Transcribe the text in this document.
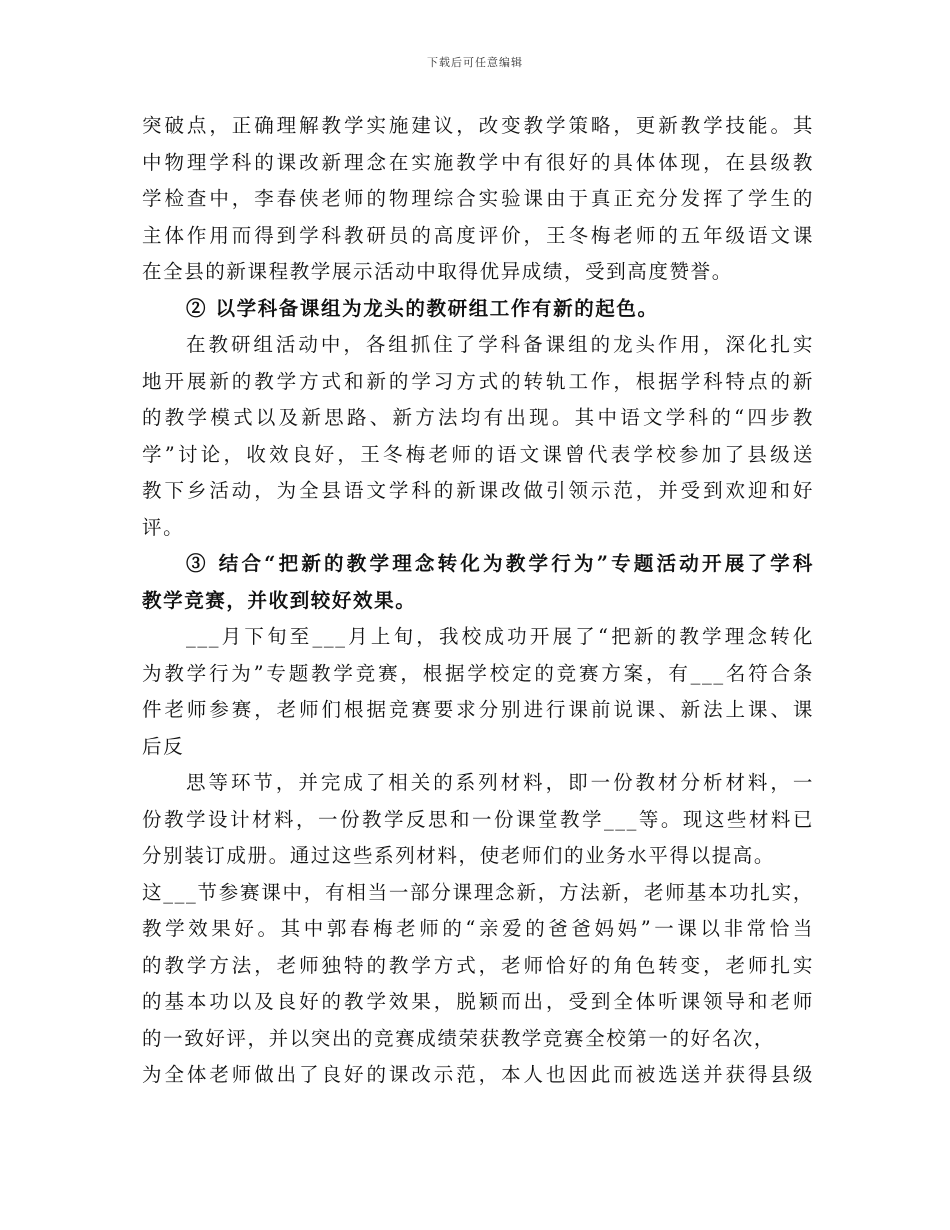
下载后可任意编辑
突破点，正确理解教学实施建议，改变教学策略，更新教学技能。其
中物理学科的课改新理念在实施教学中有很好的具体体现，在县级教
学检查中，李春侠老师的物理综合实验课由于真正充分发挥了学生的
主体作用而得到学科教研员的高度评价，王冬梅老师的五年级语文课
在全县的新课程教学展示活动中取得优异成绩，受到高度赞誉。
② 以学科备课组为龙头的教研组工作有新的起色。
在教研组活动中，各组抓住了学科备课组的龙头作用，深化扎实
地开展新的教学方式和新的学习方式的转轨工作，根据学科特点的新
的教学模式以及新思路、新方法均有出现。其中语文学科的“四步教
学”讨论，收效良好，王冬梅老师的语文课曾代表学校参加了县级送
教下乡活动，为全县语文学科的新课改做引领示范，并受到欢迎和好
评。
③ 结合“把新的教学理念转化为教学行为”专题活动开展了学科
教学竞赛，并收到较好效果。
___月下旬至___月上旬，我校成功开展了“把新的教学理念转化
为教学行为”专题教学竞赛，根据学校定的竞赛方案，有___名符合条
件老师参赛，老师们根据竞赛要求分别进行课前说课、新法上课、课
后反
思等环节，并完成了相关的系列材料，即一份教材分析材料，一
份教学设计材料，一份教学反思和一份课堂教学___等。现这些材料已
分别装订成册。通过这些系列材料，使老师们的业务水平得以提高。
这___节参赛课中，有相当一部分课理念新，方法新，老师基本功扎实，
教学效果好。其中郭春梅老师的“亲爱的爸爸妈妈”一课以非常恰当
的教学方法，老师独特的教学方式，老师恰好的角色转变，老师扎实
的基本功以及良好的教学效果，脱颖而出，受到全体听课领导和老师
的一致好评，并以突出的竞赛成绩荣获教学竞赛全校第一的好名次，
为全体老师做出了良好的课改示范，本人也因此而被选送并获得县级
